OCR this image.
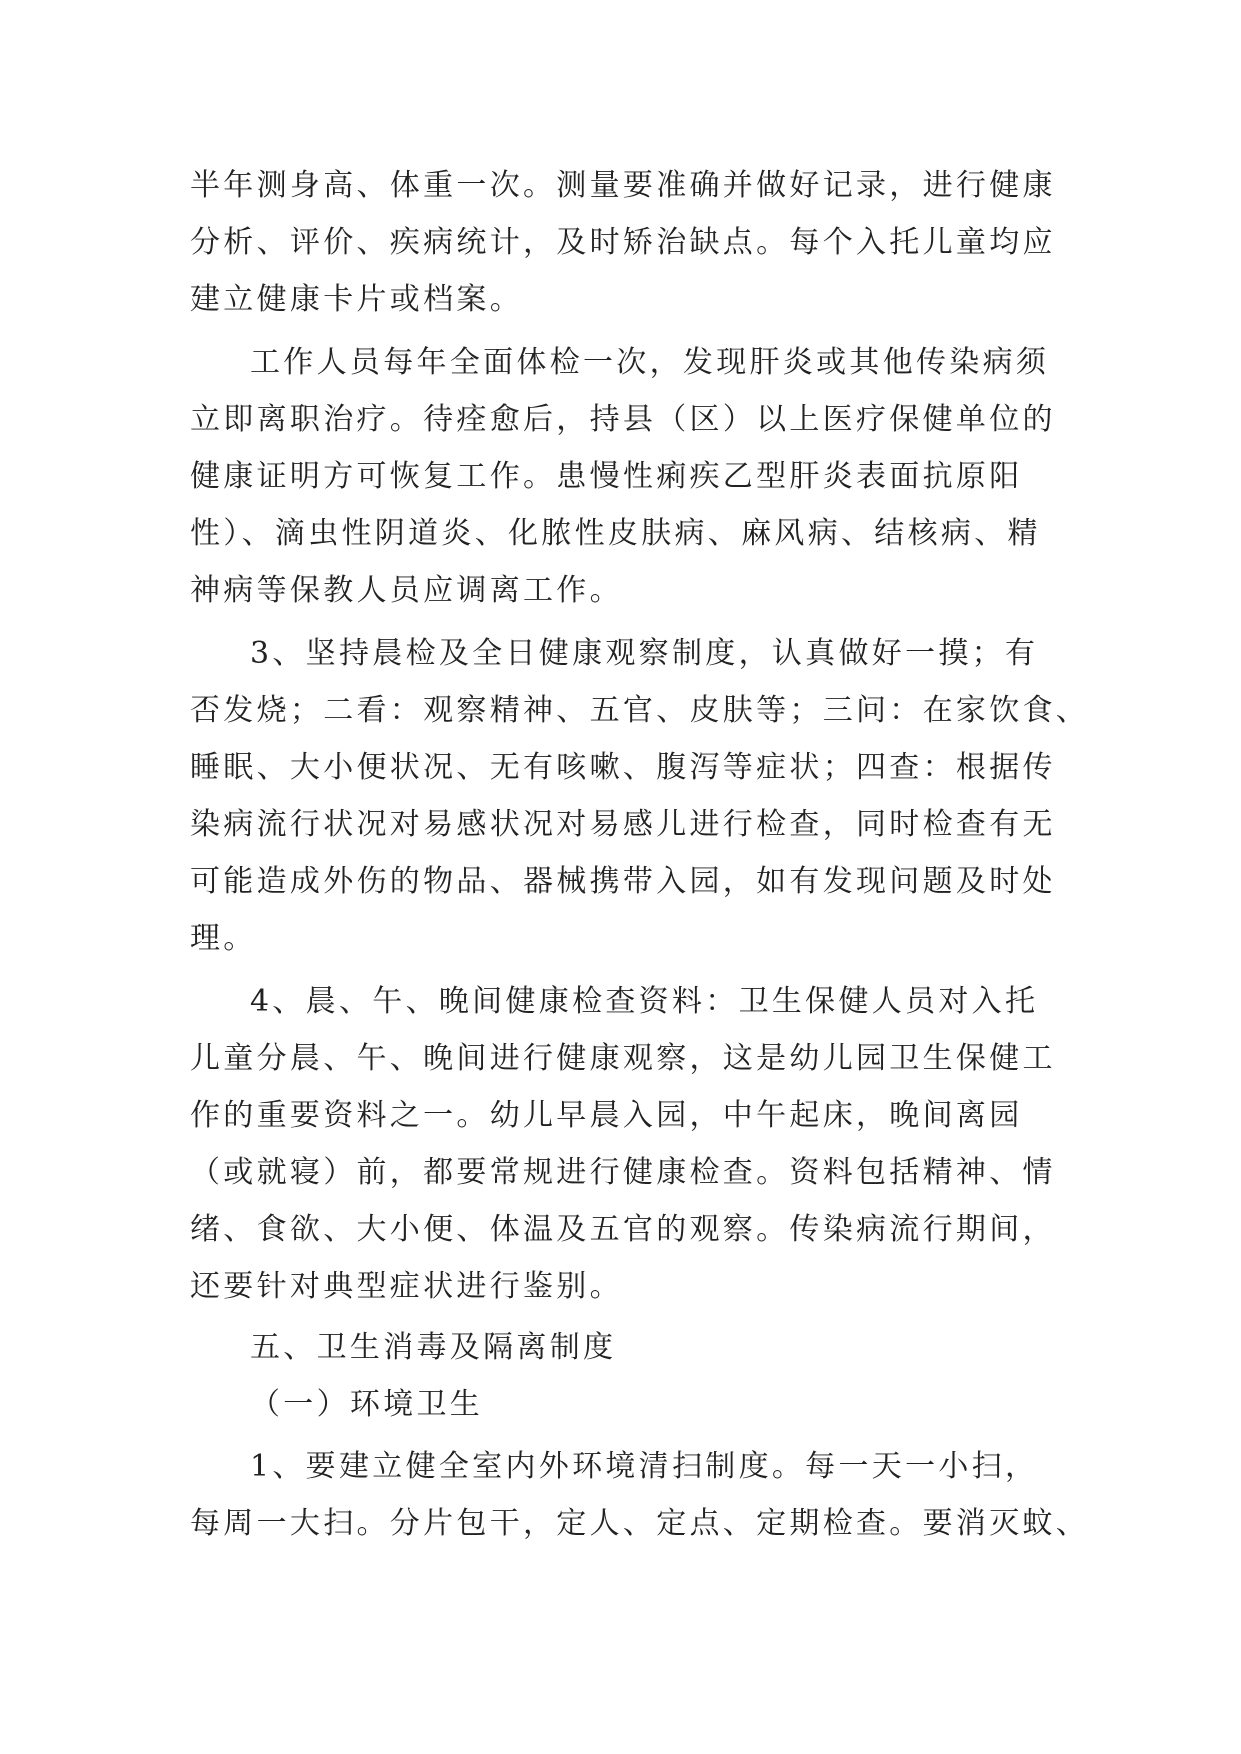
半年测身高、体重一次。测量要准确并做好记录，进行健康
分析、评价、疾病统计，及时矫治缺点。每个入托儿童均应
建立健康卡片或档案。
工作人员每年全面体检一次，发现肝炎或其他传染病须
立即离职治疗。待痊愈后，持县（区）以上医疗保健单位的
健康证明方可恢复工作。患慢性痢疾乙型肝炎表面抗原阳
性）、滴虫性阴道炎、化脓性皮肤病、麻风病、结核病、精
神病等保教人员应调离工作。
3、坚持晨检及全日健康观察制度，认真做好一摸；有
否发烧；二看：观察精神、五官、皮肤等；三问：在家饮食、
睡眠、大小便状况、无有咳嗽、腹泻等症状；四查：根据传
染病流行状况对易感状况对易感儿进行检查，同时检查有无
可能造成外伤的物品、器械携带入园，如有发现问题及时处
理。
4、晨、午、晚间健康检查资料：卫生保健人员对入托
儿童分晨、午、晚间进行健康观察，这是幼儿园卫生保健工
作的重要资料之一。幼儿早晨入园，中午起床，晚间离园
（或就寝）前，都要常规进行健康检查。资料包括精神、情
绪、食欲、大小便、体温及五官的观察。传染病流行期间，
还要针对典型症状进行鉴别。
五、卫生消毒及隔离制度
（一）环境卫生
1、要建立健全室内外环境清扫制度。每一天一小扫，
每周一大扫。分片包干，定人、定点、定期检查。要消灭蚊、
